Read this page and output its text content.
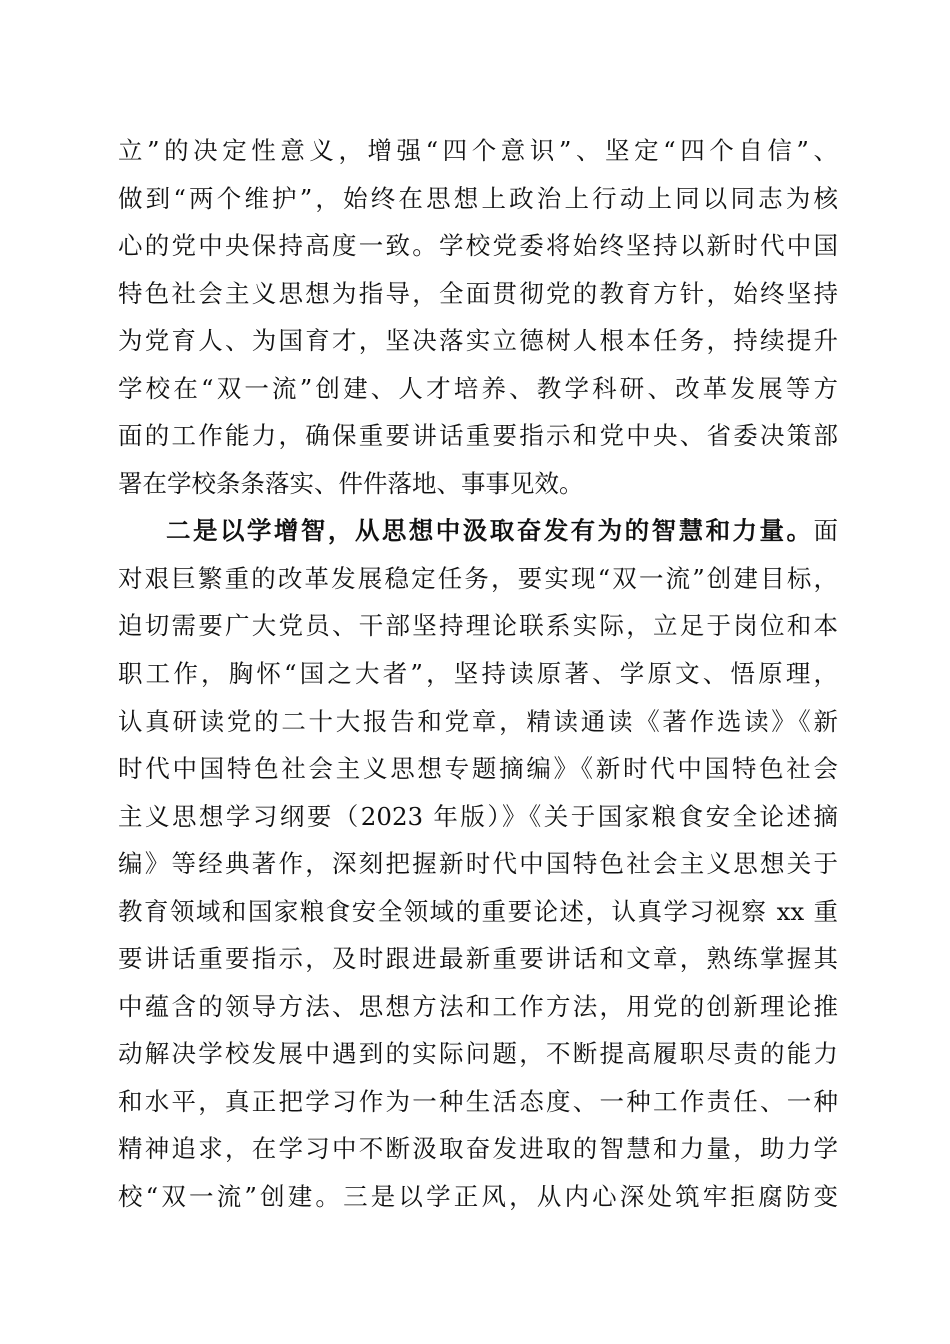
立”的决定性意义，增强“四个意识”、坚定“四个自信”、
做到“两个维护”，始终在思想上政治上行动上同以同志为核
心的党中央保持高度一致。学校党委将始终坚持以新时代中国
特色社会主义思想为指导，全面贯彻党的教育方针，始终坚持
为党育人、为国育才，坚决落实立德树人根本任务，持续提升
学校在“双一流”创建、人才培养、教学科研、改革发展等方
面的工作能力，确保重要讲话重要指示和党中央、省委决策部
署在学校条条落实、件件落地、事事见效。
二是以学增智，从思想中汲取奋发有为的智慧和力量。面
对艰巨繁重的改革发展稳定任务，要实现“双一流”创建目标，
迫切需要广大党员、干部坚持理论联系实际，立足于岗位和本
职工作，胸怀“国之大者”，坚持读原著、学原文、悟原理，
认真研读党的二十大报告和党章，精读通读《著作选读》《新
时代中国特色社会主义思想专题摘编》《新时代中国特色社会
主义思想学习纲要（2023 年版）》《关于国家粮食安全论述摘
编》等经典著作，深刻把握新时代中国特色社会主义思想关于
教育领域和国家粮食安全领域的重要论述，认真学习视察 xx 重
要讲话重要指示，及时跟进最新重要讲话和文章，熟练掌握其
中蕴含的领导方法、思想方法和工作方法，用党的创新理论推
动解决学校发展中遇到的实际问题，不断提高履职尽责的能力
和水平，真正把学习作为一种生活态度、一种工作责任、一种
精神追求，在学习中不断汲取奋发进取的智慧和力量，助力学
校“双一流”创建。三是以学正风，从内心深处筑牢拒腐防变
